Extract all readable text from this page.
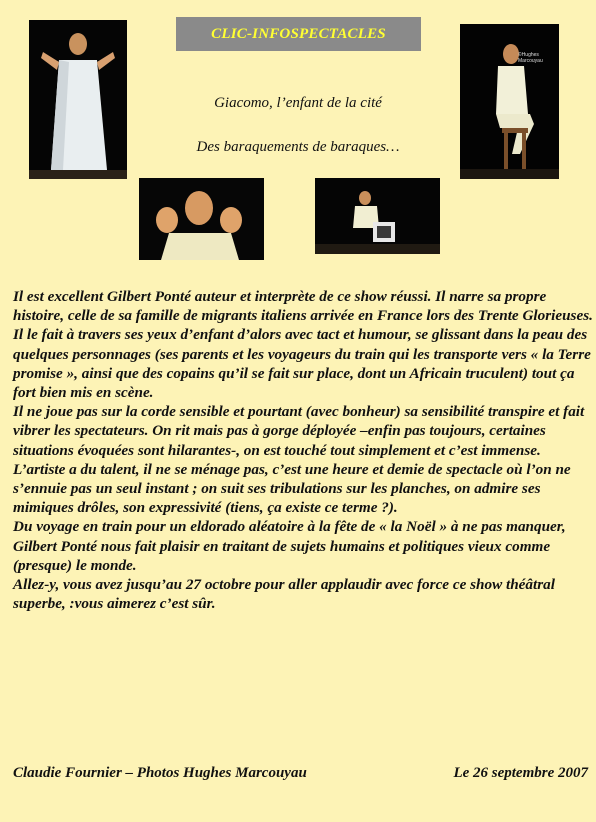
CLIC-INFOSPECTACLES
Giacomo, l’enfant de la cité
Des baraquements de baraques…
©Hughes Marcouyau

Il est excellent Gilbert Ponté auteur et interprète de ce show réussi. Il narre sa propre histoire, celle de sa famille de migrants italiens arrivée en France lors des Trente Glorieuses. Il le fait à travers ses yeux d’enfant d’alors avec tact et humour, se glissant dans la peau des quelques personnages (ses parents et les voyageurs du train qui les transporte vers « la Terre promise », ainsi que des copains qu’il se fait sur place, dont un Africain truculent) tout ça fort bien mis en scène.

Il ne joue pas sur la corde sensible et pourtant (avec bonheur) sa sensibilité transpire et fait vibrer les spectateurs. On rit mais pas à gorge déployée –enfin pas toujours, certaines situations évoquées sont hilarantes-, on est touché tout simplement et c’est immense.

L’artiste a du talent, il ne se ménage pas, c’est une heure et demie de spectacle où l’on ne s’ennuie pas un seul instant ; on suit ses tribulations sur les planches, on admire ses mimiques drôles, son expressivité (tiens, ça existe ce terme ?).

Du voyage en train pour un eldorado aléatoire à la fête de « la Noël » à ne pas manquer, Gilbert Ponté nous fait plaisir en traitant de sujets humains et politiques vieux comme (presque) le monde.

Allez-y, vous avez jusqu’au 27 octobre pour aller applaudir avec force ce show théâtral superbe, :vous aimerez c’est sûr.

Claudie Fournier – Photos Hughes Marcouyau	Le 26 septembre 2007
